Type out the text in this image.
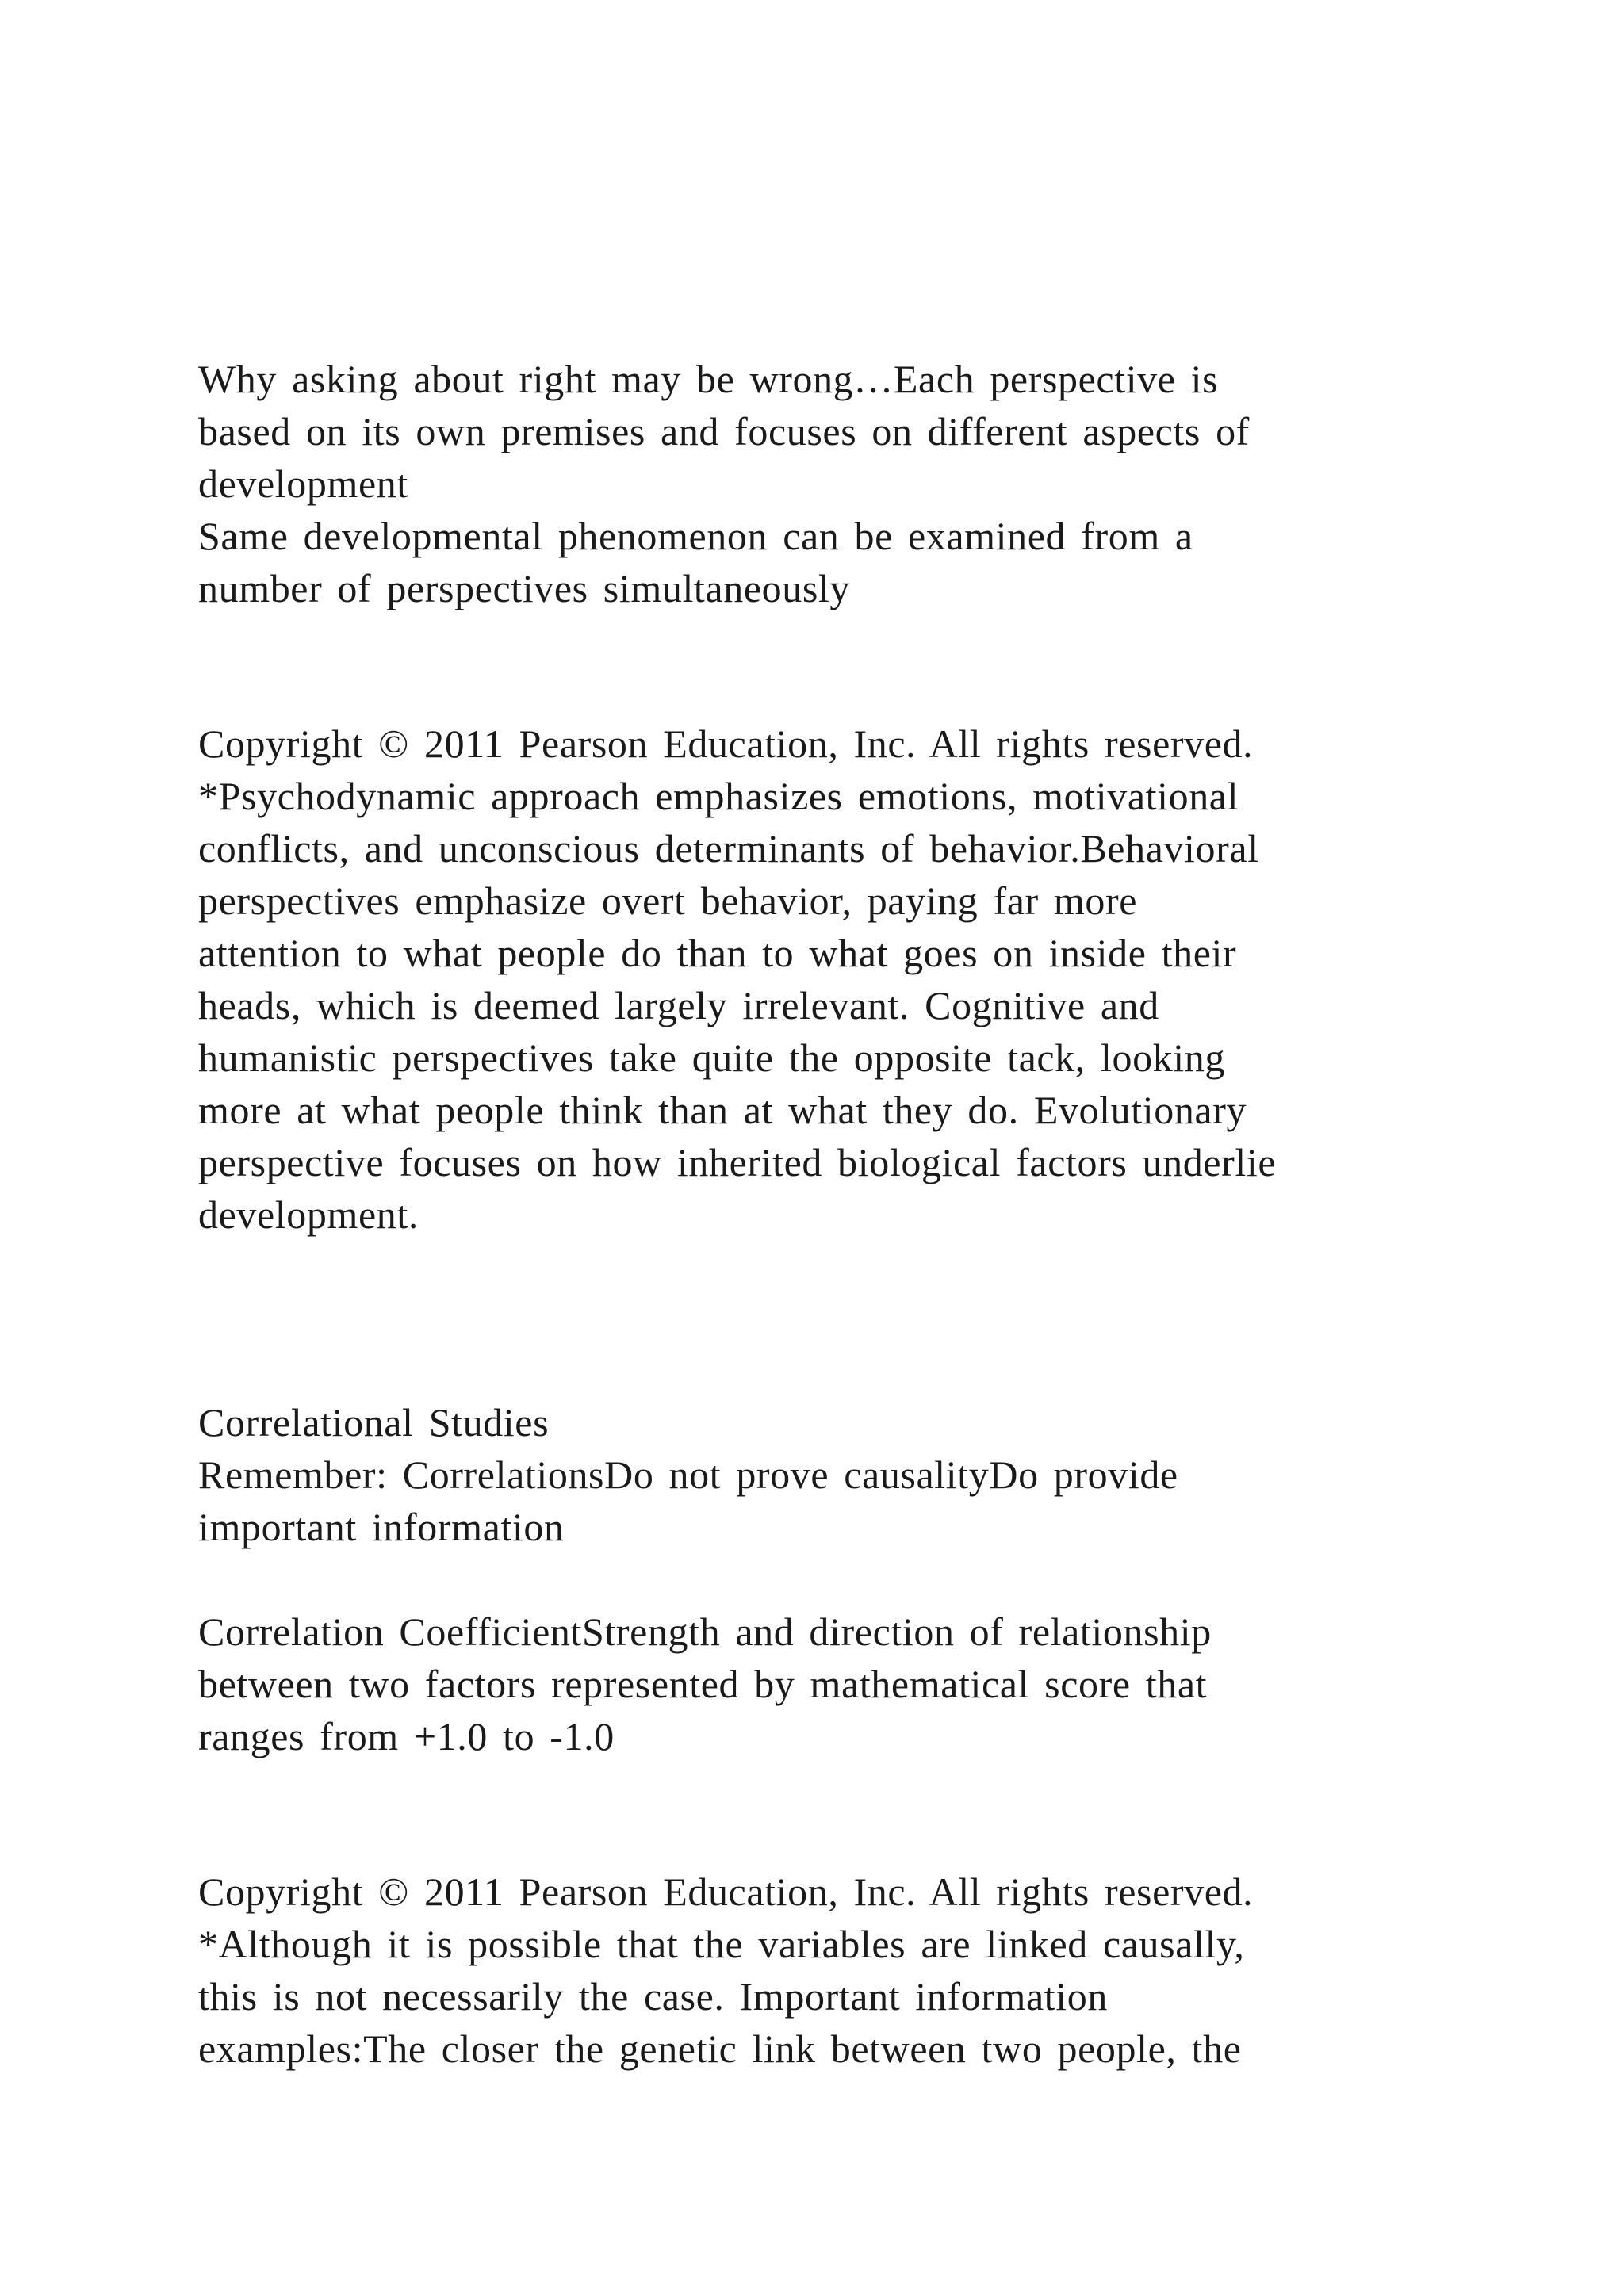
Why asking about right may be wrong…Each perspective is
based on its own premises and focuses on different aspects of
development
Same developmental phenomenon can be examined from a
number of perspectives simultaneously
Copyright © 2011 Pearson Education, Inc. All rights reserved.
*Psychodynamic approach emphasizes emotions, motivational
conflicts, and unconscious determinants of behavior.Behavioral
perspectives emphasize overt behavior, paying far more
attention to what people do than to what goes on inside their
heads, which is deemed largely irrelevant. Cognitive and
humanistic perspectives take quite the opposite tack, looking
more at what people think than at what they do. Evolutionary
perspective focuses on how inherited biological factors underlie
development.
Correlational Studies
Remember: CorrelationsDo not prove causalityDo provide
important information
Correlation CoefficientStrength and direction of relationship
between two factors represented by mathematical score that
ranges from +1.0 to -1.0
Copyright © 2011 Pearson Education, Inc. All rights reserved.
*Although it is possible that the variables are linked causally,
this is not necessarily the case. Important information
examples:The closer the genetic link between two people, the
